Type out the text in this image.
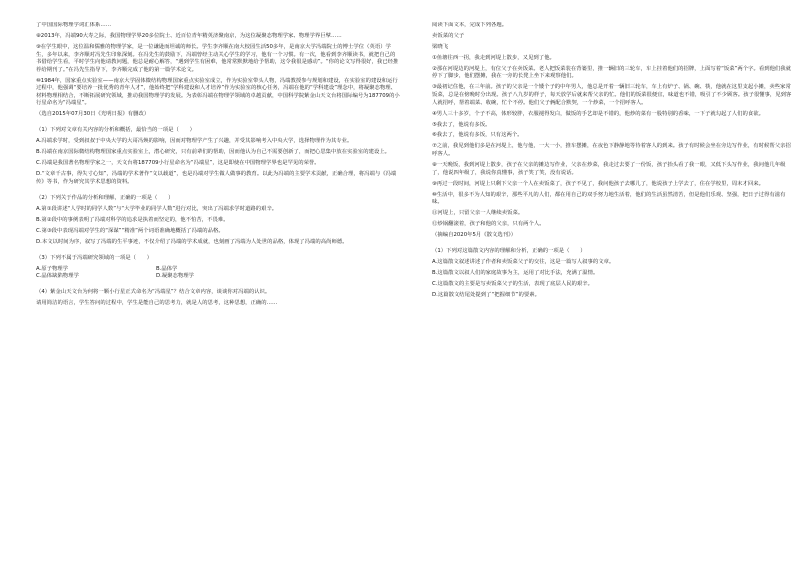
了中国国际物理学词汇体系……

⑧2013年，冯端90大寿之际，我国物理学界20多位院士、近百位青年精英济聚南京，为这位凝聚态物理学家、物理学界巨擘……

⑨在学生眼中，这位温和儒雅的物理学家，是一位谦逊而坦诚的师长。学生李齐顺在南大校园生活50多年，是南京大学冯端院士的博士学位（英语）学生，多年以来，李齐顺对冯先生印象深刻。在冯先生的鼓励下，冯端曾经主动关心学生的学习，他有一个习惯。有一次，他看到李齐顺读书，就把自己的书借给学生看，平时学生向他请教问题，他总是耐心解答，“遇到学生有困难，他常常默默地给予帮助，这令我很是感动”。“你的论文写得很好，我已经推荐给期刊了。”在冯先生指导下，李齐顺完成了他的第一篇学术论文。

⑩1984年，国家重点实验室——南京大学固体微结构物理国家重点实验室成立，作为实验室带头人物，冯端教授参与规划和建设，在实验室的建设和运行过程中，他强调“要培养一批优秀的青年人才”，他始终把“学科建设和人才培养”作为实验室的核心任务，冯端在他的“学科建设”理念中，将凝聚态物理、材料物理相结合，不断拓展研究领域，推动我国物理学的发展。为表彰冯端在物理学领域的卓越贡献，中国科学院紫金山天文台将国际编号为187709的小行星命名为“冯端星”。

（选自2015年07月30日《光明日报》有删改）

（1）下列对文章有关内容的分析和概括，最恰当的一项是（　　）

A.冯端求学时，受到叔叔于中央大学的大哥冯焕的影响，因而对物理学产生了兴趣，并受其影响考入中央大学，选择物理作为其专业。

B.冯端在南京国际微结构物理国家重点实验室上，潜心研究，只有前辈们的帮助，因而他认为自己不需要创新了，而把心思集中放在实验室的建设上。

C.冯端是我国著名物理学家之一，天文台将187709小行星命名为“冯端星”，这是即使在中国物理学界也是罕见的荣誉。

D.“文章千古事，得失寸心知”，冯端的学术著作“文以载道”，也是冯端对学生做人做事的教育。以此为冯端的主要学术贡献，正确合理，将冯端与《冯端传》等书，作为研究其学术思想的资料。

（2）下列关于作品的分析和理解，正确的一项是（　　）

A.第①段讲述“人学时的同学人数”与“大学毕业的同学人数”进行对比，突出了冯端求学时道路的艰辛。

B.第②段中的事例表明了冯端对科学的追求是执着而坚定的，他不怕苦，不畏难。

C.第③段中表现冯端对学生的“深谋”“精准”两个词语准确地概括了冯端的品格。

D.本文以时间为序，叙写了冯端的生平事迹，不仅介绍了冯端的学术成就，也刻画了冯端为人处世的品格，体现了冯端的高尚师德。

（3）下列不属于冯端研究领域的一项是（　　）

A.原子物理学	B.晶体学
C.晶体缺陷物理学	D.凝聚态物理学

（4）紫金山天文台为何将一颗小行星正式命名为“冯端星”？结合文章内容，谈谈你对冯端的认识。

请用简洁的语言，学生答问的过程中，学生是能自己的思考力，就是人的思考，这种思想，正确的……

阅读下面文本，完成下列各题。

卖饭菜的父子

梁晓飞

①鱼塘往西一拐，我走到河堤上散步，又见到了他。

②那在河堤边的河堤上，有位父子在卖饭菜。老人把饭菜装在背篓里，推一辆旧的三轮车，车上挂着他们的招牌，上面写着“饭菜”两个字。看到他们我就停下了脚步，他们摆摊，我在一旁的长凳上坐下来观察他们。

③最初记住他，在三年前。孩子的父亲是一个矮个子的中年男人，他总是开着一辆旧三轮车，车上有炉子、锅、碗、筷，他就在这里支起小摊，卖些家常饭菜，总是在傍晚时分出现。孩子八九岁的样子，每天放学后就来帮父亲的忙。他们的饭菜很便宜，味道也不错，吸引了不少顾客。孩子很懂事，见到客人就招呼，帮着端菜、收碗，忙个不停。他们父子俩配合默契，一个炒菜，一个招呼客人。

④男人三十多岁，个子不高，体形较胖，衣服褪得发白，做饭的手艺却是不错的，他炒的菜有一股特别的香味，一下子就勾起了人们的食欲。

⑤我去了，他说有多饭。

⑥我去了，他说有多饭，只有这两个。

⑦之前，我见到他们多是在河堤上，他与他，一大一小，推车摆摊，在夜色下静静地等待着客人的到来。孩子有时候会坐在旁边写作业，有时候帮父亲招呼客人。

⑧一天晚饭，我到河堤上散步，孩子在父亲的摊边写作业，父亲在炒菜，我走过去要了一份饭，孩子抬头看了我一眼，又低下头写作业，我问他几年级了，他说四年级了，我说你真懂事，孩子笑了笑，没有说话。

⑨再过一段时间，河堤上只剩下父亲一个人在卖饭菜了，孩子不见了，我问他孩子去哪儿了，他说孩子上学去了，住在学校里，周末才回来。

⑩生活中，很多不为人知的艰辛，那些平凡的人们，都在用自己的双手努力地生活着，他们的生活虽然清苦，但是他们乐观、坚强，把日子过得有滋有味。

⑪河堤上，只留父亲一人继续卖饭菜。

⑫炒锅翻滚着，孩子和他的父亲，只有两个人。

（摘编自2020年5月《散文选刊》）

（1）下列对这篇散文内容的理解和分析，正确的一项是（　　）

A.这篇散文叙述讲述了作者和卖饭菜父子的交往，这是一篇写人叙事的文章。

B.这篇散文以叙人们的家庭故事为主，运用了对比手法，充满了温情。

C.这篇散文的主要是写卖饭菜父子的生活，表现了底层人民的艰辛。

D.这篇散文结尾处提到了“把握细节”的要素。
